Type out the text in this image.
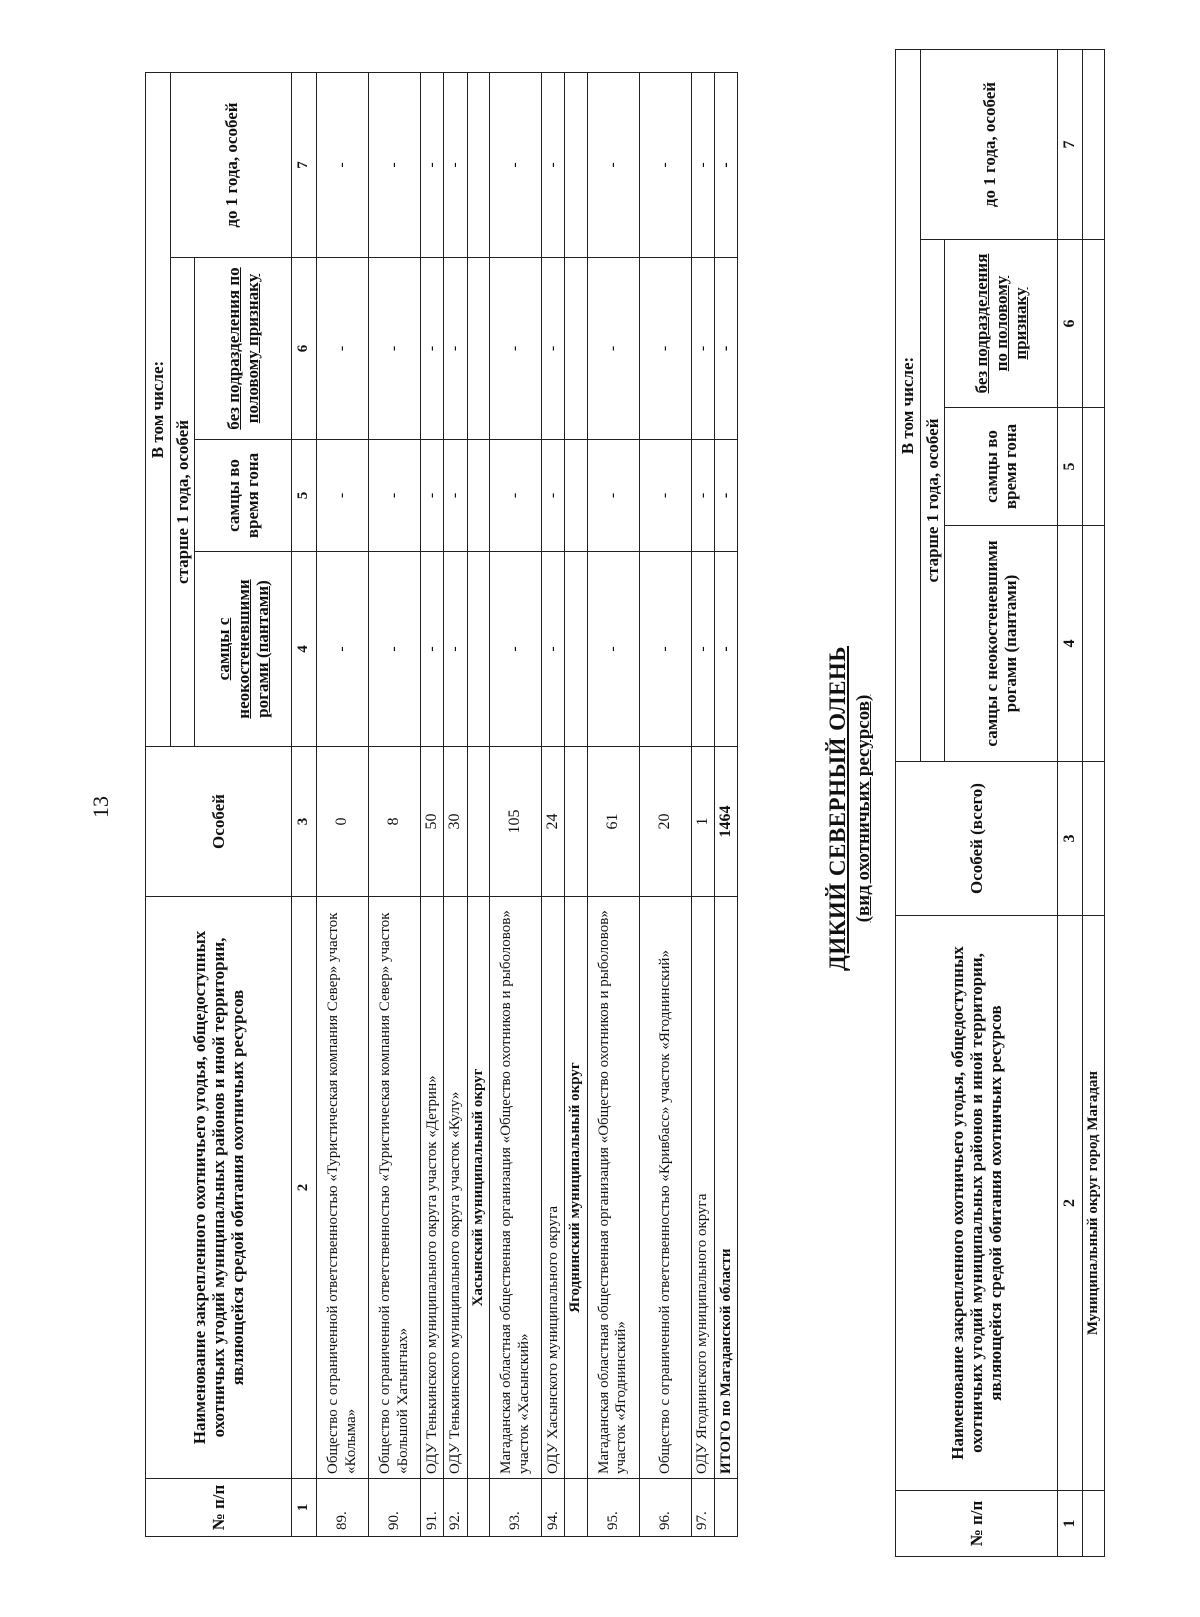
13
№ п/п	Наименование закрепленного охотничьего угодья, общедоступных охотничьих угодий муниципальных районов и иной территории, являющейся средой обитания охотничьих ресурсов	Особей	В том числе:			
			старше 1 года, особей			до 1 года, особей
			самцы с неокостеневшими рогами (пантами)	самцы во время гона	без подразделения по половому признаку	
1	2	3	4	5	6	7
89.	Общество с ограниченной ответственностью «Туристическая компания Север» участок «Колыма»	0	-	-	-	-
90.	Общество с ограниченной ответственностью «Туристическая компания Север» участок «Большой Хатынгнах»	8	-	-	-	-
91.	ОДУ Тенькинского муниципального округа участок «Детрин»	50	-	-	-	-
92.	ОДУ Тенькинского муниципального округа участок «Кулу»	30	-	-	-	-
	Хасынский муниципальный округ					
93.	Магаданская областная общественная организация «Общество охотников и рыболовов» участок «Хасынский»	105	-	-	-	-
94.	ОДУ Хасынского муниципального округа	24	-	-	-	-
	Ягоднинский муниципальный округ					
95.	Магаданская областная общественная организация «Общество охотников и рыболовов» участок «Ягоднинский»	61	-	-	-	-
96.	Общество с ограниченной ответственностью «Кривбасс» участок «Ягоднинский»	20	-	-	-	-
97.	ОДУ Ягоднинского муниципального округа	1	-	-	-	-
	ИТОГО по Магаданской области	1464	-	-	-	-
ДИКИЙ СЕВЕРНЫЙ ОЛЕНЬ (вид охотничьих ресурсов)
№ п/п	Наименование закрепленного охотничьего угодья, общедоступных охотничьих угодий муниципальных районов и иной территории, являющейся средой обитания охотничьих ресурсов	Особей (всего)	В том числе:			
			старше 1 года, особей			до 1 года, особей
			самцы с неокостеневшими рогами (пантами)	самцы во время гона	без подразделения по половому признаку	
1	2	3	4	5	6	7
	Муниципальный округ город Магадан					
